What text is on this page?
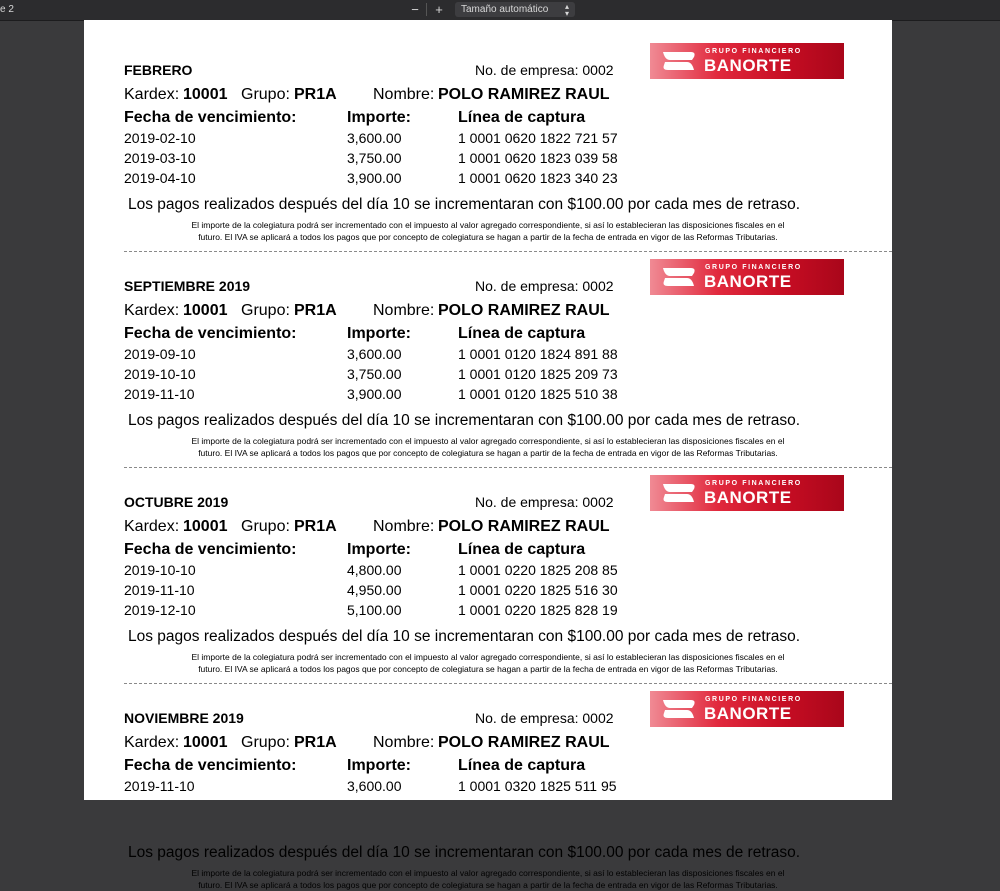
e 2	− +	Tamaño automático ▴
▾
FEBRERO	No. de empresa: 0002
GRUPO FINANCIERO
BANORTE
Kardex: 10001 Grupo: PR1A Nombre: POLO RAMIREZ RAUL
Fecha de vencimiento:	Importe:	Línea de captura
2019-02-10	3,600.00	1 0001 0620 1822 721 57
2019-03-10	3,750.00	1 0001 0620 1823 039 58
2019-04-10	3,900.00	1 0001 0620 1823 340 23
Los pagos realizados después del día 10 se incrementaran con $100.00 por cada mes de retraso.
El importe de la colegiatura podrá ser incrementado con el impuesto al valor agregado correspondiente, si así lo establecieran las disposiciones fiscales en el
futuro. El IVA se aplicará a todos los pagos que por concepto de colegiatura se hagan a partir de la fecha de entrada en vigor de las Reformas Tributarias.
SEPTIEMBRE 2019	No. de empresa: 0002
GRUPO FINANCIERO
BANORTE
Kardex: 10001 Grupo: PR1A Nombre: POLO RAMIREZ RAUL
Fecha de vencimiento:	Importe:	Línea de captura
2019-09-10	3,600.00	1 0001 0120 1824 891 88
2019-10-10	3,750.00	1 0001 0120 1825 209 73
2019-11-10	3,900.00	1 0001 0120 1825 510 38
Los pagos realizados después del día 10 se incrementaran con $100.00 por cada mes de retraso.
El importe de la colegiatura podrá ser incrementado con el impuesto al valor agregado correspondiente, si así lo establecieran las disposiciones fiscales en el
futuro. El IVA se aplicará a todos los pagos que por concepto de colegiatura se hagan a partir de la fecha de entrada en vigor de las Reformas Tributarias.
OCTUBRE 2019	No. de empresa: 0002
GRUPO FINANCIERO
BANORTE
Kardex: 10001 Grupo: PR1A Nombre: POLO RAMIREZ RAUL
Fecha de vencimiento:	Importe:	Línea de captura
2019-10-10	4,800.00	1 0001 0220 1825 208 85
2019-11-10	4,950.00	1 0001 0220 1825 516 30
2019-12-10	5,100.00	1 0001 0220 1825 828 19
Los pagos realizados después del día 10 se incrementaran con $100.00 por cada mes de retraso.
El importe de la colegiatura podrá ser incrementado con el impuesto al valor agregado correspondiente, si así lo establecieran las disposiciones fiscales en el
futuro. El IVA se aplicará a todos los pagos que por concepto de colegiatura se hagan a partir de la fecha de entrada en vigor de las Reformas Tributarias.
NOVIEMBRE 2019	No. de empresa: 0002
GRUPO FINANCIERO
BANORTE
Kardex: 10001 Grupo: PR1A Nombre: POLO RAMIREZ RAUL
Fecha de vencimiento:	Importe:	Línea de captura
2019-11-10	3,600.00	1 0001 0320 1825 511 95
Los pagos realizados después del día 10 se incrementaran con $100.00 por cada mes de retraso.
El importe de la colegiatura podrá ser incrementado con el impuesto al valor agregado correspondiente, si así lo establecieran las disposiciones fiscales en el
futuro. El IVA se aplicará a todos los pagos que por concepto de colegiatura se hagan a partir de la fecha de entrada en vigor de las Reformas Tributarias.
